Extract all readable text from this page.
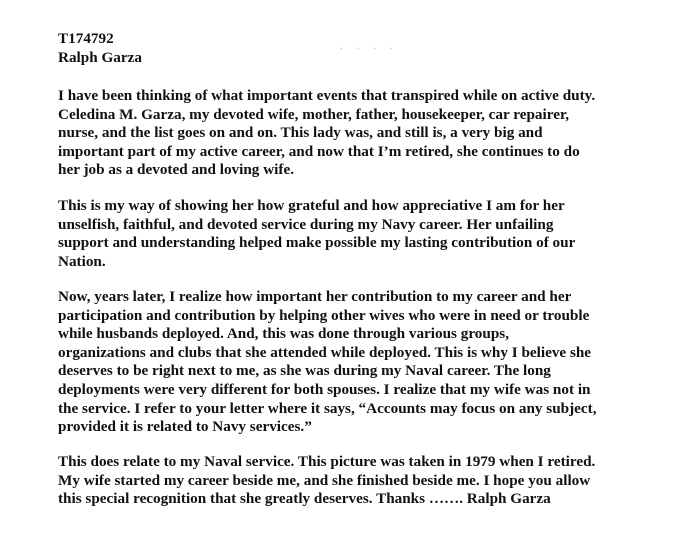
· · · ·
T174792
Ralph Garza
I have been thinking of what important events that transpired while on active duty.
Celedina M. Garza, my devoted wife, mother, father, housekeeper, car repairer,
nurse, and the list goes on and on. This lady was, and still is, a very big and
important part of my active career, and now that I’m retired, she continues to do
her job as a devoted and loving wife.
This is my way of showing her how grateful and how appreciative I am for her
unselfish, faithful, and devoted service during my Navy career. Her unfailing
support and understanding helped make possible my lasting contribution of our
Nation.
Now, years later, I realize how important her contribution to my career and her
participation and contribution by helping other wives who were in need or trouble
while husbands deployed. And, this was done through various groups,
organizations and clubs that she attended while deployed. This is why I believe she
deserves to be right next to me, as she was during my Naval career. The long
deployments were very different for both spouses. I realize that my wife was not in
the service. I refer to your letter where it says, “Accounts may focus on any subject,
provided it is related to Navy services.”
This does relate to my Naval service. This picture was taken in 1979 when I retired.
My wife started my career beside me, and she finished beside me. I hope you allow
this special recognition that she greatly deserves. Thanks ……. Ralph Garza
